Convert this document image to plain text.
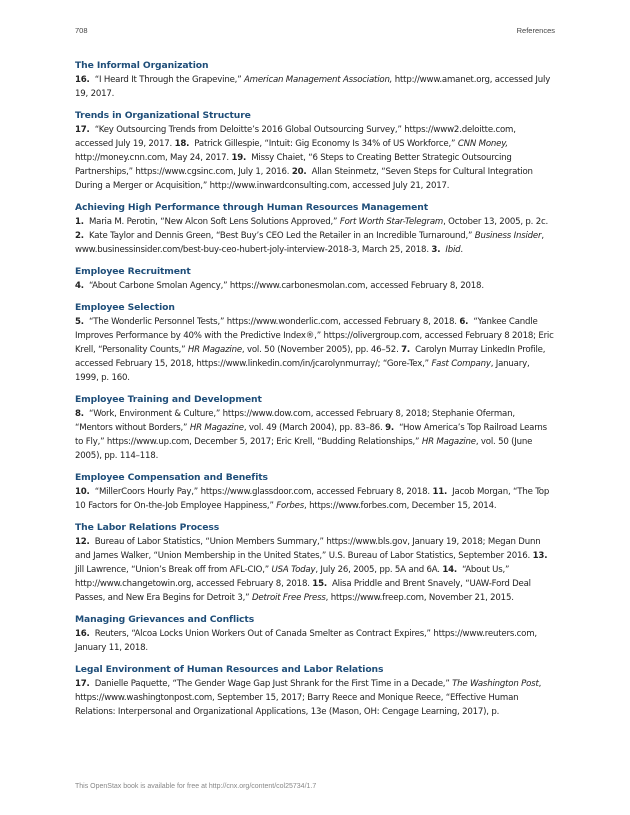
708	References
The Informal Organization

16. “I Heard It Through the Grapevine,” American Management Association, http://www.amanet.org, accessed July 19, 2017.

Trends in Organizational Structure

17. “Key Outsourcing Trends from Deloitte’s 2016 Global Outsourcing Survey,” https://www2.deloitte.com, accessed July 19, 2017. 18. Patrick Gillespie, “Intuit: Gig Economy Is 34% of US Workforce,” CNN Money, http://money.cnn.com, May 24, 2017. 19. Missy Chaiet, “6 Steps to Creating Better Strategic Outsourcing Partnerships,” https://www.cgsinc.com, July 1, 2016. 20. Allan Steinmetz, “Seven Steps for Cultural Integration During a Merger or Acquisition,” http://www.inwardconsulting.com, accessed July 21, 2017.

Achieving High Performance through Human Resources Management

1. Maria M. Perotin, “New Alcon Soft Lens Solutions Approved,” Fort Worth Star-Telegram, October 13, 2005, p. 2c. 2. Kate Taylor and Dennis Green, “Best Buy’s CEO Led the Retailer in an Incredible Turnaround,” Business Insider, www.businessinsider.com/best-buy-ceo-hubert-joly-interview-2018-3, March 25, 2018. 3. Ibid.

Employee Recruitment

4. “About Carbone Smolan Agency,” https://www.carbonesmolan.com, accessed February 8, 2018.

Employee Selection

5. “The Wonderlic Personnel Tests,” https://www.wonderlic.com, accessed February 8, 2018. 6. “Yankee Candle Improves Performance by 40% with the Predictive Index®,” https://olivergroup.com, accessed February 8 2018; Eric Krell, “Personality Counts,” HR Magazine, vol. 50 (November 2005), pp. 46–52. 7. Carolyn Murray LinkedIn Profile, accessed February 15, 2018, https://www.linkedin.com/in/jcarolynmurray/; “Gore-Tex,” Fast Company, January, 1999, p. 160.

Employee Training and Development

8. “Work, Environment & Culture,” https://www.dow.com, accessed February 8, 2018; Stephanie Oferman, “Mentors without Borders,” HR Magazine, vol. 49 (March 2004), pp. 83–86. 9. “How America’s Top Railroad Learns to Fly,” https://www.up.com, December 5, 2017; Eric Krell, “Budding Relationships,” HR Magazine, vol. 50 (June 2005), pp. 114–118.

Employee Compensation and Benefits

10. “MillerCoors Hourly Pay,” https://www.glassdoor.com, accessed February 8, 2018. 11. Jacob Morgan, “The Top 10 Factors for On-the-Job Employee Happiness,” Forbes, https://www.forbes.com, December 15, 2014.

The Labor Relations Process

12. Bureau of Labor Statistics, “Union Members Summary,” https://www.bls.gov, January 19, 2018; Megan Dunn and James Walker, “Union Membership in the United States,” U.S. Bureau of Labor Statistics, September 2016. 13.  Jill Lawrence, “Union’s Break off from AFL-CIO,” USA Today, July 26, 2005, pp. 5A and 6A. 14. “About Us,” http://www.changetowin.org, accessed February 8, 2018. 15. Alisa Priddle and Brent Snavely, “UAW-Ford Deal Passes, and New Era Begins for Detroit 3,” Detroit Free Press, https://www.freep.com, November 21, 2015.

Managing Grievances and Conflicts

16. Reuters, “Alcoa Locks Union Workers Out of Canada Smelter as Contract Expires,” https://www.reuters.com, January 11, 2018.

Legal Environment of Human Resources and Labor Relations

17. Danielle Paquette, “The Gender Wage Gap Just Shrank for the First Time in a Decade,” The Washington Post, https://www.washingtonpost.com, September 15, 2017; Barry Reece and Monique Reece, “Effective Human Relations: Interpersonal and Organizational Applications, 13e (Mason, OH: Cengage Learning, 2017), p.

This OpenStax book is available for free at http://cnx.org/content/col25734/1.7
